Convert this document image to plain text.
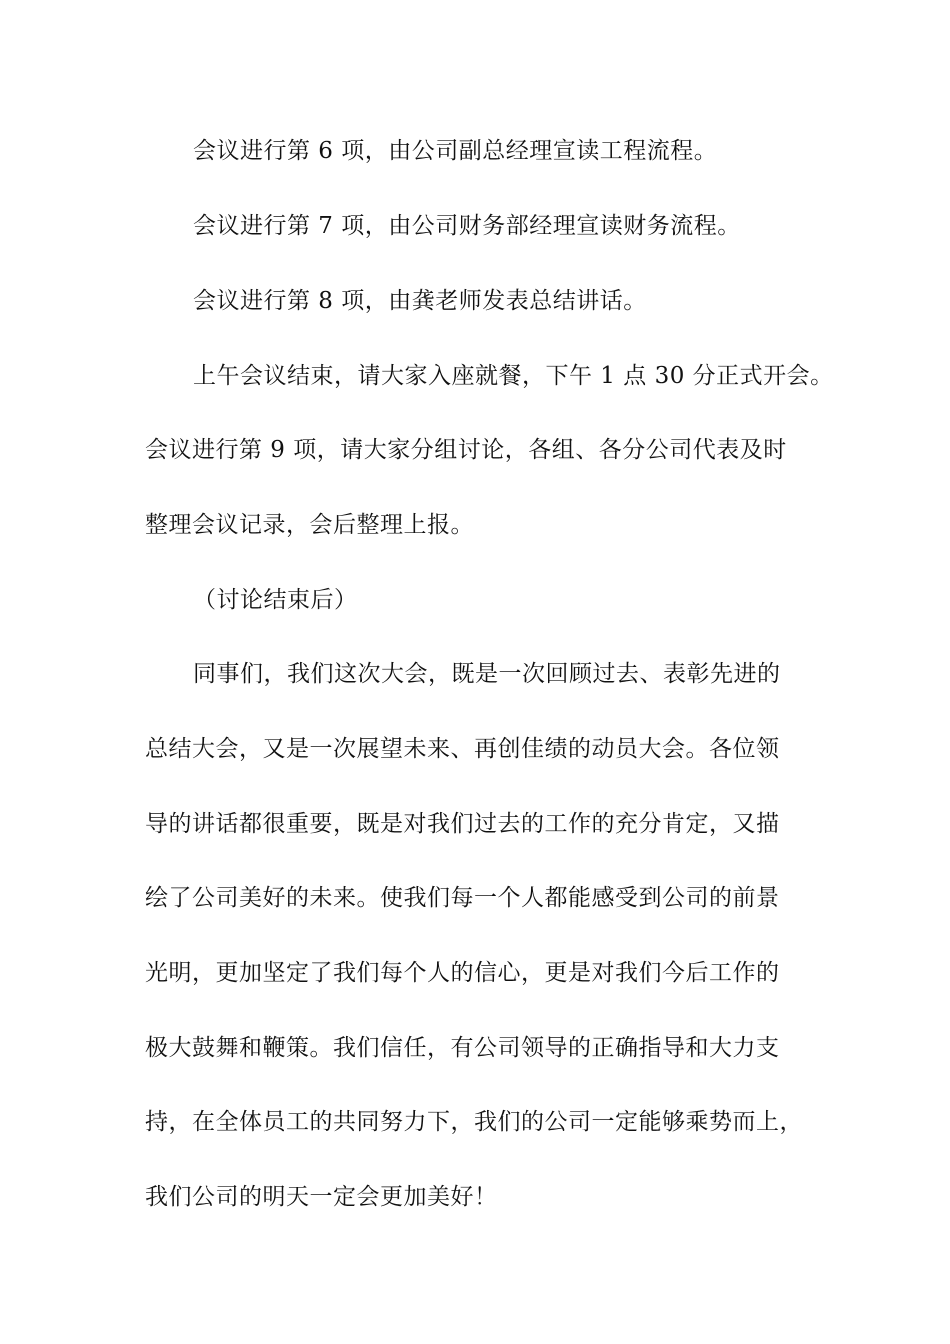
会议进行第 6 项，由公司副总经理宣读工程流程。
会议进行第 7 项，由公司财务部经理宣读财务流程。
会议进行第 8 项，由龚老师发表总结讲话。
上午会议结束，请大家入座就餐，下午 1 点 30 分正式开会。
会议进行第 9 项，请大家分组讨论，各组、各分公司代表及时
整理会议记录，会后整理上报。
（讨论结束后）
同事们，我们这次大会，既是一次回顾过去、表彰先进的
总结大会，又是一次展望未来、再创佳绩的动员大会。各位领
导的讲话都很重要，既是对我们过去的工作的充分肯定，又描
绘了公司美好的未来。使我们每一个人都能感受到公司的前景
光明，更加坚定了我们每个人的信心，更是对我们今后工作的
极大鼓舞和鞭策。我们信任，有公司领导的正确指导和大力支
持，在全体员工的共同努力下，我们的公司一定能够乘势而上，
我们公司的明天一定会更加美好！
